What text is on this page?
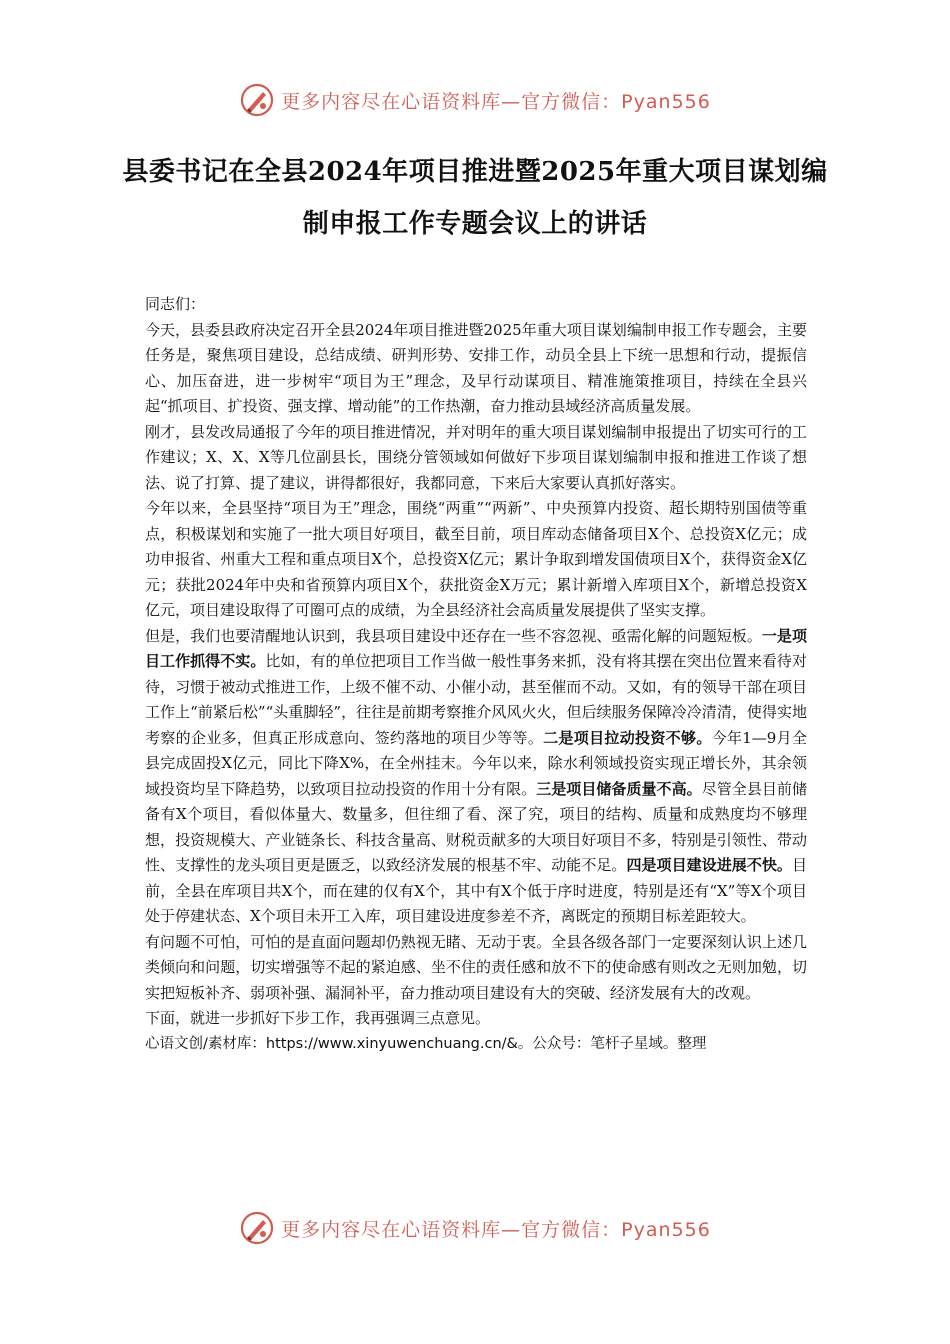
更多内容尽在心语资料库—官方微信：Pyan556
县委书记在全县2024年项目推进暨2025年重大项目谋划编制申报工作专题会议上的讲话

同志们：

今天，县委县政府决定召开全县2024年项目推进暨2025年重大项目谋划编制申报工作专题会，主要任务是，聚焦项目建设，总结成绩、研判形势、安排工作，动员全县上下统一思想和行动，提振信心、加压奋进，进一步树牢“项目为王”理念，及早行动谋项目、精准施策推项目，持续在全县兴起“抓项目、扩投资、强支撑、增动能”的工作热潮，奋力推动县域经济高质量发展。

刚才，县发改局通报了今年的项目推进情况，并对明年的重大项目谋划编制申报提出了切实可行的工作建议；X、X、X等几位副县长，围绕分管领域如何做好下步项目谋划编制申报和推进工作谈了想法、说了打算、提了建议，讲得都很好，我都同意，下来后大家要认真抓好落实。

今年以来，全县坚持“项目为王”理念，围绕“两重”“两新”、中央预算内投资、超长期特别国债等重点，积极谋划和实施了一批大项目好项目，截至目前，项目库动态储备项目X个、总投资X亿元；成功申报省、州重大工程和重点项目X个，总投资X亿元；累计争取到增发国债项目X个，获得资金X亿元；获批2024年中央和省预算内项目X个，获批资金X万元；累计新增入库项目X个，新增总投资X亿元，项目建设取得了可圈可点的成绩，为全县经济社会高质量发展提供了坚实支撑。

但是，我们也要清醒地认识到，我县项目建设中还存在一些不容忽视、亟需化解的问题短板。一是项目工作抓得不实。比如，有的单位把项目工作当做一般性事务来抓，没有将其摆在突出位置来看待对待，习惯于被动式推进工作，上级不催不动、小催小动，甚至催而不动。又如，有的领导干部在项目工作上“前紧后松”“头重脚轻”，往往是前期考察推介风风火火，但后续服务保障冷冷清清，使得实地考察的企业多，但真正形成意向、签约落地的项目少等等。二是项目拉动投资不够。今年1—9月全县完成固投X亿元，同比下降X%，在全州挂末。今年以来，除水利领域投资实现正增长外，其余领域投资均呈下降趋势，以致项目拉动投资的作用十分有限。三是项目储备质量不高。尽管全县目前储备有X个项目，看似体量大、数量多，但往细了看、深了究，项目的结构、质量和成熟度均不够理想，投资规模大、产业链条长、科技含量高、财税贡献多的大项目好项目不多，特别是引领性、带动性、支撑性的龙头项目更是匮乏，以致经济发展的根基不牢、动能不足。四是项目建设进展不快。目前，全县在库项目共X个，而在建的仅有X个，其中有X个低于序时进度，特别是还有“X”等X个项目处于停建状态、X个项目未开工入库，项目建设进度参差不齐，离既定的预期目标差距较大。

有问题不可怕，可怕的是直面问题却仍熟视无睹、无动于衷。全县各级各部门一定要深刻认识上述几类倾向和问题，切实增强等不起的紧迫感、坐不住的责任感和放不下的使命感有则改之无则加勉，切实把短板补齐、弱项补强、漏洞补平，奋力推动项目建设有大的突破、经济发展有大的改观。

下面，就进一步抓好下步工作，我再强调三点意见。

心语文创/素材库：https://www.xinyuwenchuang.cn/&。公众号：笔杆子星域。整理

更多内容尽在心语资料库—官方微信：Pyan556
